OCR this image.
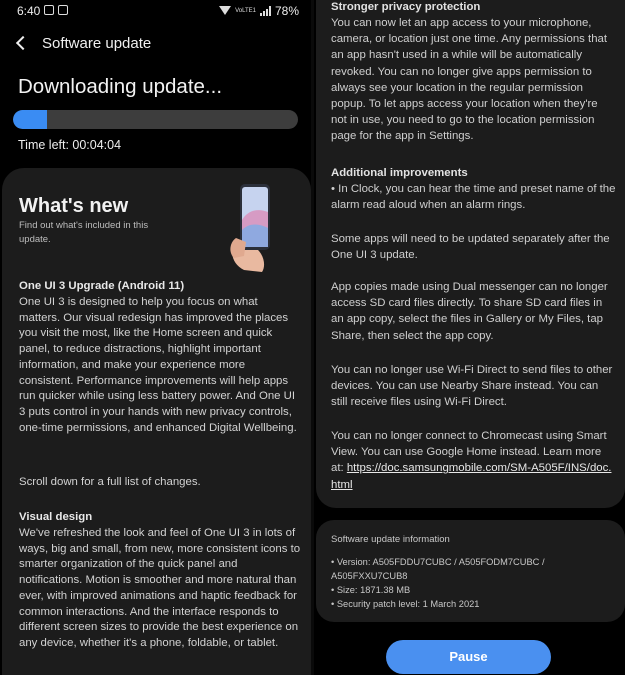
6:40	VoLTE1 78%
Software update
Downloading update...
Time left: 00:04:04
What's new
Find out what's included in this update.
One UI 3 Upgrade (Android 11)
One UI 3 is designed to help you focus on what matters. Our visual redesign has improved the places you visit the most, like the Home screen and quick panel, to reduce distractions, highlight important information, and make your experience more consistent. Performance improvements will help apps run quicker while using less battery power. And One UI 3 puts control in your hands with new privacy controls, one-time permissions, and enhanced Digital Wellbeing.
Scroll down for a full list of changes.
Visual design
We've refreshed the look and feel of One UI 3 in lots of ways, big and small, from new, more consistent icons to smarter organization of the quick panel and notifications. Motion is smoother and more natural than ever, with improved animations and haptic feedback for common interactions. And the interface responds to different screen sizes to provide the best experience on any device, whether it's a phone, foldable, or tablet.
Stronger privacy protection
You can now let an app access to your microphone, camera, or location just one time. Any permissions that an app hasn't used in a while will be automatically revoked. You can no longer give apps permission to always see your location in the regular permission popup. To let apps access your location when they're not in use, you need to go to the location permission page for the app in Settings.
Additional improvements
• In Clock, you can hear the time and preset name of the alarm read aloud when an alarm rings.
Some apps will need to be updated separately after the One UI 3 update.
App copies made using Dual messenger can no longer access SD card files directly. To share SD card files in an app copy, select the files in Gallery or My Files, tap Share, then select the app copy.
You can no longer use Wi-Fi Direct to send files to other devices. You can use Nearby Share instead. You can still receive files using Wi-Fi Direct.
You can no longer connect to Chromecast using Smart View. You can use Google Home instead. Learn more at: https://doc.samsungmobile.com/SM-A505F/INS/doc.html
Software update information
• Version: A505FDDU7CUBC / A505FODM7CUBC / A505FXXU7CUB8
• Size: 1871.38 MB
• Security patch level: 1 March 2021
Pause
